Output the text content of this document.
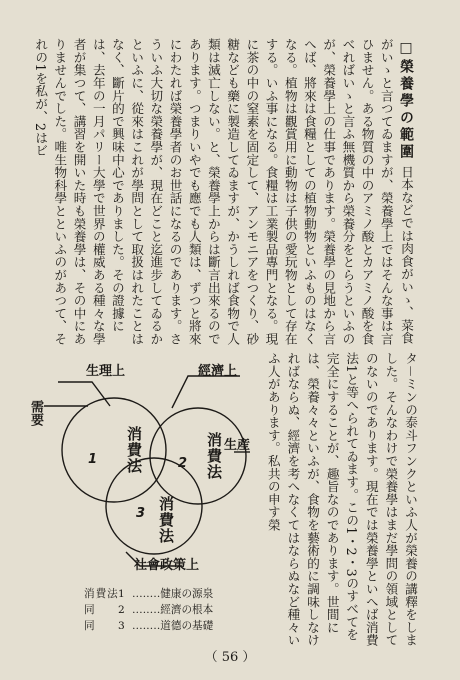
□榮養學の範圍 日本などでは肉食がいゝ、菜食がいゝと言つてゐますが、榮養學上ではそんな事は言ひません。ある物質の中のアミノ酸とカアミノ酸を食べればいゝと言ふ無機質から榮養分をとらうといふのが、榮養學上の仕事であります。榮養學の見地から言へば、將來は食糧としての植物動物といふものはなくなる。植物は觀賞用に動物は子供の愛玩物として存在する。いふ事になる。食糧は工業製品專門となる。現に茶の中の窒素を固定して、アンモニアをつくり、砂糖なども藥に製造してゐますが、かうしれば食物で人類は滅亡しない。と、榮養學上からは斷言出來るのであります。つまりいやでも應でも人類は、ずつと將來にわたれば榮養學者のお世話になるのであります。さういふ大切な榮養學が、現在どこと迄進步してゐるかといふに、從來はこれが學問として取扱はれたことはなく、斷片的で興味中心でありました。その證據には、去年の一月パリー大學で世界の權威ある種々な學者が集つて、講習を開いた時も榮養學は、その中にありませんでした。唯生物科學とといふのがあつて、それの1を私が、2はビ
生理上	經濟上
需要
生産
社會政策上
消費法	消費法
消費法
1	2
3
消費法 1 ‥‥‥‥健康の源泉
同	2 ‥‥‥‥經濟の根本
同	3 ‥‥‥‥道德の基礎	タ－ミンの泰斗フンクといふ人が榮養の講釋をしました。そんなわけで榮養學はまだ學問の領域としてのないのであります。現在では榮養學といへば消費法1と等へられてゐます。この1・2・3のすべてを完全にすることが、趣旨なのであります。世間には、榮養々々といふが、食物を藝術的に調味しなければならぬ、經濟を考へなくてはならぬなど種々いふ人があります。私共の申す榮
（ 56 ）
